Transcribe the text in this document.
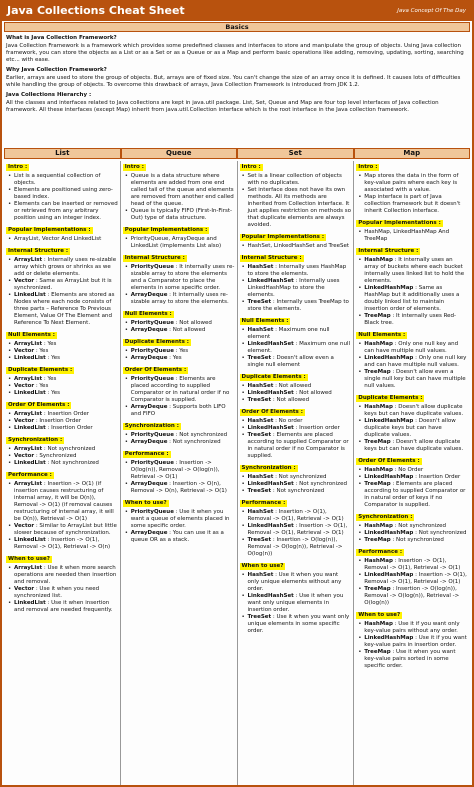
Java Collections Cheat Sheet	Java Concept Of The Day
Basics
What is Java Collection Framework?

Java Collection Framework is a framework which provides some predefined classes and interfaces to store and manipulate the group of objects. Using Java collection framework, you can store the objects as a List or as a Set or as a Queue or as a Map and perform basic operations like adding, removing, updating, sorting, searching etc... with ease.

Why Java Collection Framework?

Earlier, arrays are used to store the group of objects. But, arrays are of fixed size. You can't change the size of an array once it is defined. It causes lots of difficulties while handling the group of objects. To overcome this drawback of arrays, Java Collection Framework is introduced from JDK 1.2.

Java Collections Hierarchy :

All the classes and interfaces related to Java collections are kept in java.util package. List, Set, Queue and Map are four top level interfaces of Java collection framework. All these interfaces (except Map) inherit from java.util.Collection interface which is the root interface in the Java collection framework.

List	Queue	Set	Map
Intro :
• List is a sequential collection of objects.
• Elements are positioned using zero-based index.
• Elements can be inserted or removed or retrieved from any arbitrary position using an integer index.
Popular Implementations :
• ArrayList, Vector And LinkedList
Internal Structure :
• ArrayList : Internally uses re-sizable array which grows or shrinks as we add or delete elements.
• Vector : Same as ArrayList but it is synchronized.
• LinkedList : Elements are stored as Nodes where each node consists of three parts – Reference To Previous Element, Value Of The Element and Reference To Next Element.
Null Elements :
• ArrayList : Yes
• Vector : Yes
• LinkedList : Yes
Duplicate Elements :
• ArrayList : Yes
• Vector : Yes
• LinkedList : Yes
Order Of Elements :
• ArrayList : Insertion Order
• Vector : Insertion Order
• LinkedList : Insertion Order
Synchronization :
• ArrayList : Not synchronized
• Vector : Synchronized
• LinkedList : Not synchronized
Performance :
• ArrayList : Insertion -> O(1) (if insertion causes restructuring of internal array, it will be O(n)), Removal -> O(1) (if removal causes restructuring of internal array, it will be O(n)), Retrieval -> O(1)
• Vector : Similar to ArrayList but little slower because of synchronization.
• LinkedList : Insertion -> O(1), Removal -> O(1), Retrieval -> O(n)
When to use?
• ArrayList : Use it when more search operations are needed then insertion and removal.
• Vector : Use it when you need synchronized list.
• LinkedList : Use it when insertion and removal are needed frequently.
Intro :
• Queue is a data structure where elements are added from one end called tail of the queue and elements are removed from another end called head of the queue.
• Queue is typically FIFO (First-In-First-Out) type of data structure.
Popular Implementations :
• PriorityQueue, ArrayDeque and LinkedList (implements List also)
Internal Structure :
• PriorityQueue : It internally uses re-sizable array to store the elements and a Comparator to place the elements in some specific order.
• ArrayDeque : It internally uses re-sizable array to store the elements.
Null Elements :
• PriorityQueue : Not allowed
• ArrayDeque : Not allowed
Duplicate Elements :
• PriorityQueue : Yes
• ArrayDeque : Yes
Order Of Elements :
• PriorityQueue : Elements are placed according to supplied Comparator or in natural order if no Comparator is supplied.
• ArrayDeque : Supports both LIFO and FIFO
Synchronization :
• PriorityQueue : Not synchronized
• ArrayDeque : Not synchronized
Performance :
• PriorityQueue : Insertion -> O(log(n)), Removal -> O(log(n)), Retrieval -> O(1)
• ArrayDeque : Insertion -> O(n), Removal -> O(n), Retrieval -> O(1)
When to use?
• PriorityQueue : Use it when you want a queue of elements placed in some specific order.
• ArrayDeque : You can use it as a queue OR as a stack.
Intro :
• Set is a linear collection of objects with no duplicates.
• Set interface does not have its own methods. All its methods are inherited from Collection interface. It just applies restriction on methods so that duplicate elements are always avoided.
Popular Implementations :
• HashSet, LinkedHashSet and TreeSet
Internal Structure :
• HashSet : Internally uses HashMap to store the elements.
• LinkedHashSet : Internally uses LinkedHashMap to store the elements.
• TreeSet : Internally uses TreeMap to store the elements.
Null Elements :
• HashSet : Maximum one null element
• LinkedHashSet : Maximum one null element.
• TreeSet : Doesn't allow even a single null element
Duplicate Elements :
• HashSet : Not allowed
• LinkedHashSet : Not allowed
• TreeSet : Not allowed
Order Of Elements :
• HashSet : No order
• LinkedHashSet : Insertion order
• TreeSet : Elements are placed according to supplied Comparator or in natural order if no Comparator is supplied.
Synchronization :
• HashSet : Not synchronized
• LinkedHashSet : Not synchronized
• TreeSet : Not synchronized
Performance :
• HashSet : Insertion -> O(1), Removal -> O(1), Retrieval -> O(1)
• LinkedHashSet : Insertion -> O(1), Removal -> O(1), Retrieval -> O(1)
• TreeSet : Insertion -> O(log(n)), Removal -> O(log(n)), Retrieval -> O(log(n))
When to use?
• HashSet : Use it when you want only unique elements without any order.
• LinkedHashSet : Use it when you want only unique elements in insertion order.
• TreeSet : Use it when you want only unique elements in some specific order.
Intro :
• Map stores the data in the form of key-value pairs where each key is associated with a value.
• Map interface is part of Java collection framework but it doesn't inherit Collection interface.
Popular Implementations :
• HashMap, LinkedHashMap And TreeMap
Internal Structure :
• HashMap : It internally uses an array of buckets where each bucket internally uses linked list to hold the elements.
• LinkedHashMap : Same as HashMap but it additionally uses a doubly linked list to maintain insertion order of elements.
• TreeMap : It internally uses Red-Black tree.
Null Elements :
• HashMap : Only one null key and can have multiple null values.
• LinkedHashMap : Only one null key and can have multiple null values.
• TreeMap : Doesn't allow even a single null key but can have multiple null values.
Duplicate Elements :
• HashMap : Doesn't allow duplicate keys but can have duplicate values.
• LinkedHashMap : Doesn't allow duplicate keys but can have duplicate values.
• TreeMap : Doesn't allow duplicate keys but can have duplicate values.
Order Of Elements :
• HashMap : No Order
• LinkedHashMap : Insertion Order
• TreeMap : Elements are placed according to supplied Comparator or in natural order of keys if no Comparator is supplied.
Synchronization :
• HashMap : Not synchronized
• LinkedHashMap : Not synchronized
• TreeMap : Not synchronized
Performance :
• HashMap : Insertion -> O(1), Removal -> O(1), Retrieval -> O(1)
• LinkedHashMap : Insertion -> O(1), Removal -> O(1), Retrieval -> O(1)
• TreeMap : Insertion -> O(log(n)), Removal -> O(log(n)), Retrieval -> O(log(n))
When to use?
• HashMap : Use it if you want only key-value pairs without any order.
• LinkedHashMap : Use it if you want key-value pairs in insertion order.
• TreeMap : Use it when you want key-value pairs sorted in some specific order.
